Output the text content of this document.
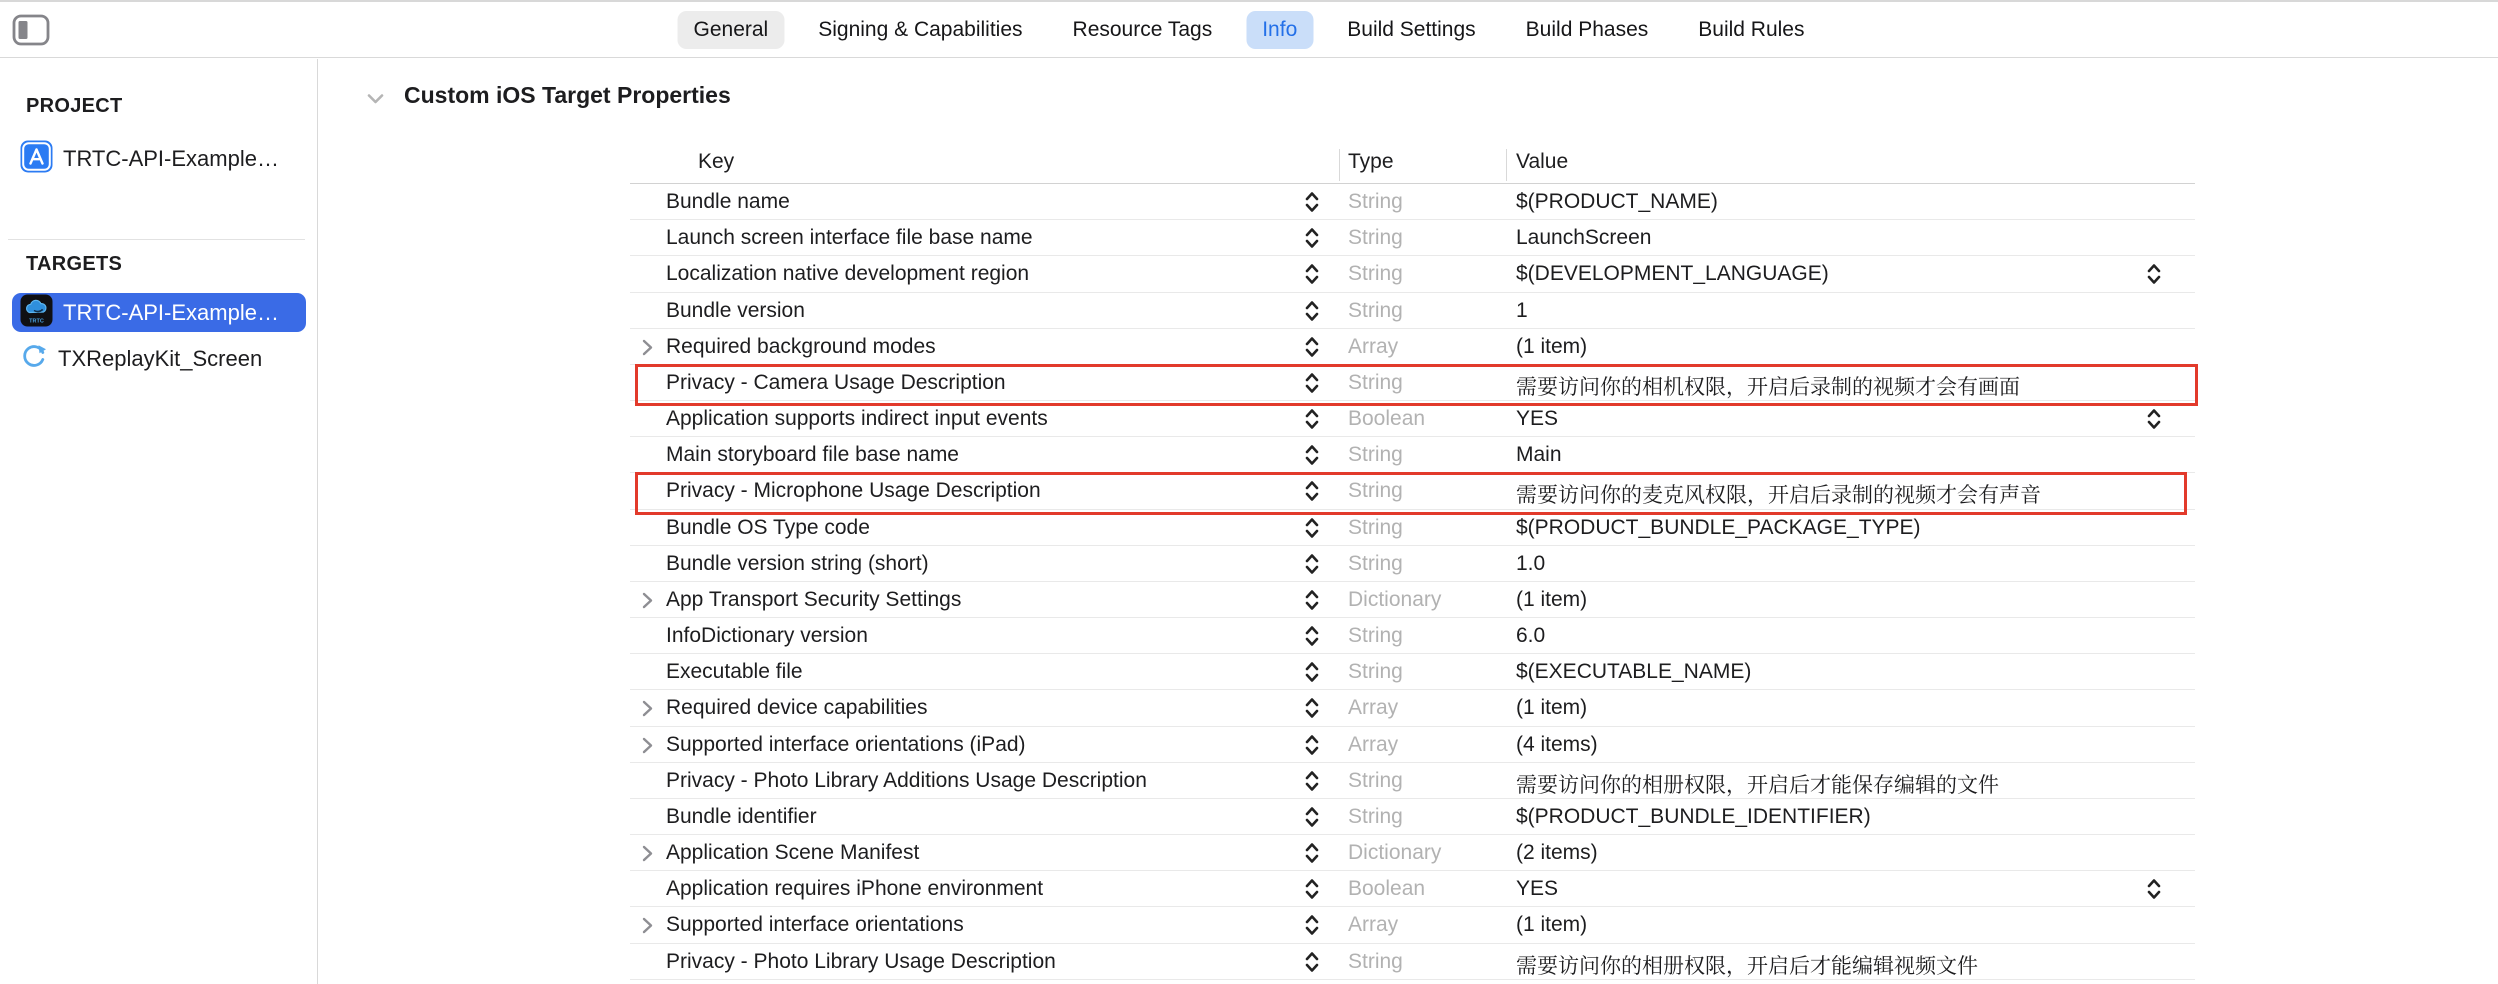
General	Signing & Capabilities	Resource Tags	Info	Build Settings	Build Phases	Build Rules
PROJECT
TRTC-API-Example…
TARGETS
TRTC TRTC-API-Example…
TXReplayKit_Screen
Custom iOS Target Properties
Key	Type	Value
Bundle name	String	$(PRODUCT_NAME)
Launch screen interface file base name	String	LaunchScreen
Localization native development region	String	$(DEVELOPMENT_LANGUAGE)
Bundle version	String	1
Required background modes	Array	(1 item)
Privacy - Camera Usage Description	String	需要访问你的相机权限，开启后录制的视频才会有画面
Application supports indirect input events	Boolean	YES
Main storyboard file base name	String	Main
Privacy - Microphone Usage Description	String	需要访问你的麦克风权限，开启后录制的视频才会有声音
Bundle OS Type code	String	$(PRODUCT_BUNDLE_PACKAGE_TYPE)
Bundle version string (short)	String	1.0
App Transport Security Settings	Dictionary	(1 item)
InfoDictionary version	String	6.0
Executable file	String	$(EXECUTABLE_NAME)
Required device capabilities	Array	(1 item)
Supported interface orientations (iPad)	Array	(4 items)
Privacy - Photo Library Additions Usage Description	String	需要访问你的相册权限，开启后才能保存编辑的文件
Bundle identifier	String	$(PRODUCT_BUNDLE_IDENTIFIER)
Application Scene Manifest	Dictionary	(2 items)
Application requires iPhone environment	Boolean	YES
Supported interface orientations	Array	(1 item)
Privacy - Photo Library Usage Description	String	需要访问你的相册权限，开启后才能编辑视频文件
